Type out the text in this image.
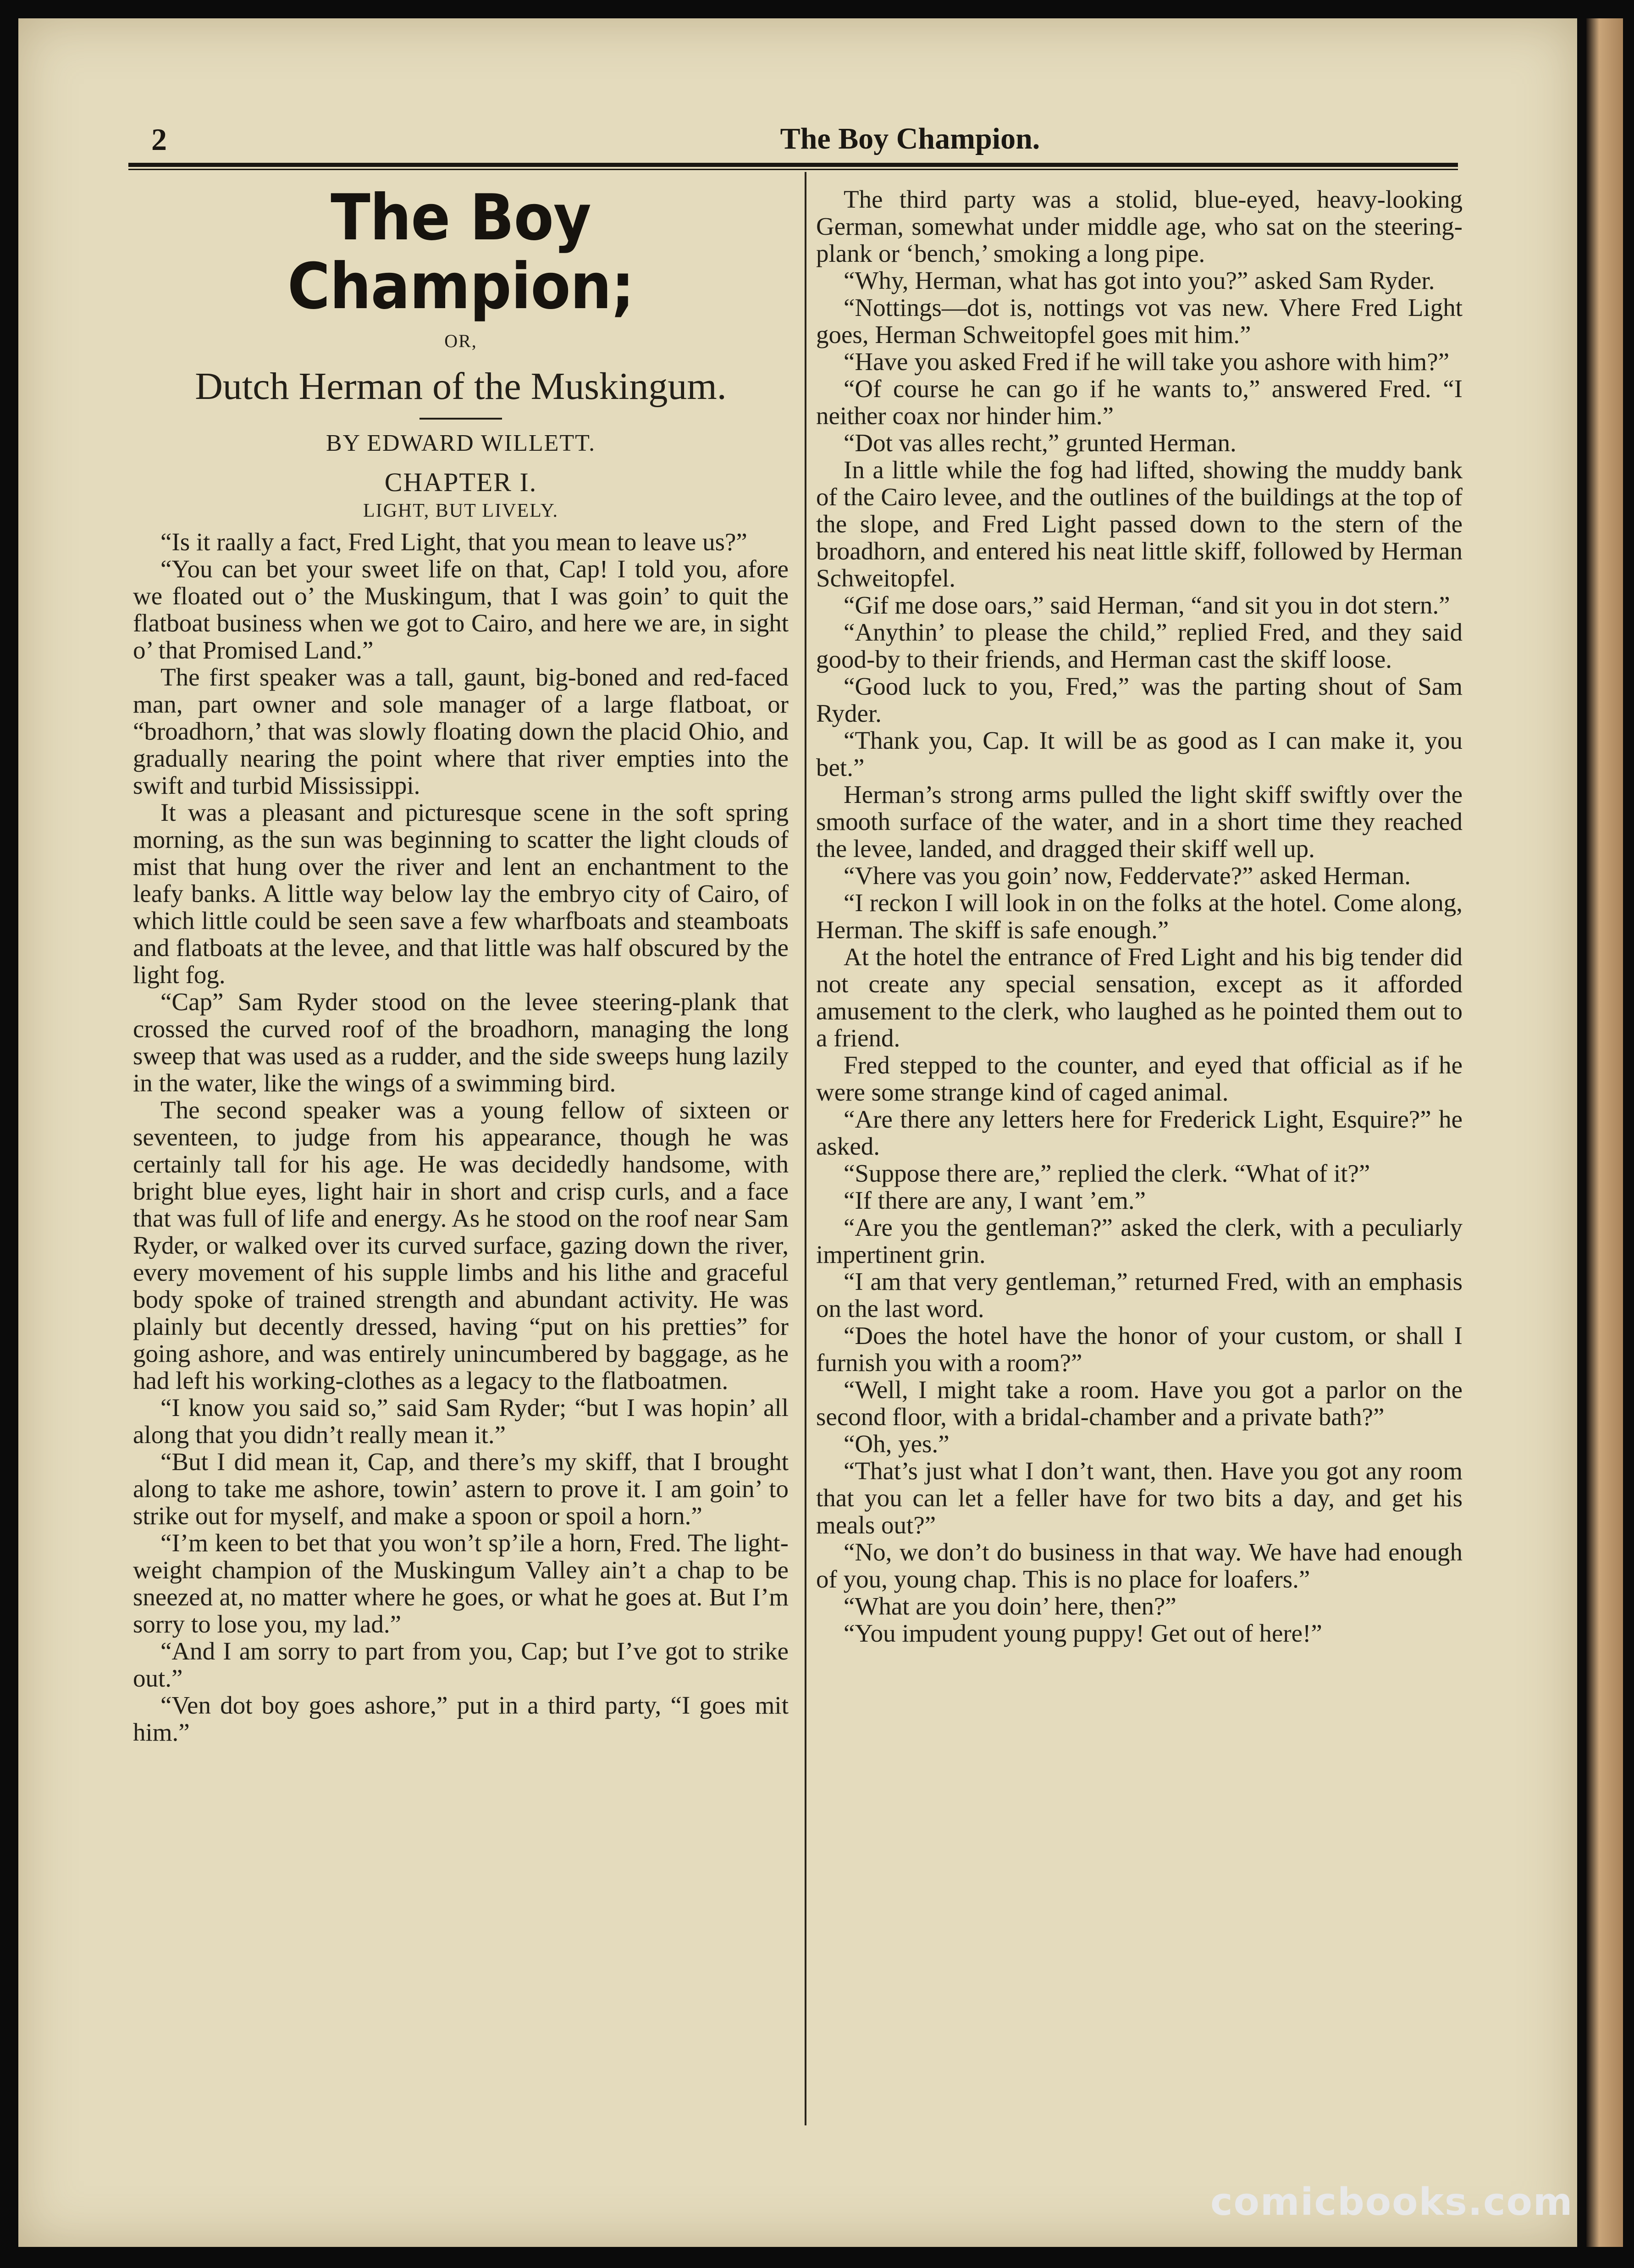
2	The Boy Champion.
The Boy Champion;
OR,
Dutch Herman of the Muskingum.
BY EDWARD WILLETT.
CHAPTER I.
LIGHT, BUT LIVELY.

“Is it raally a fact, Fred Light, that you mean to leave us?”

“You can bet your sweet life on that, Cap! I told you, afore we floated out o’ the Muskingum, that I was goin’ to quit the flatboat business when we got to Cairo, and here we are, in sight o’ that Promised Land.”

The first speaker was a tall, gaunt, big-boned and red-faced man, part owner and sole manager of a large flatboat, or “broadhorn,’ that was slowly floating down the placid Ohio, and gradually nearing the point where that river empties into the swift and turbid Mississippi.

It was a pleasant and picturesque scene in the soft spring morning, as the sun was beginning to scatter the light clouds of mist that hung over the river and lent an enchantment to the leafy banks. A little way below lay the embryo city of Cairo, of which little could be seen save a few wharfboats and steamboats and flatboats at the levee, and that little was half obscured by the light fog.

“Cap” Sam Ryder stood on the levee steering-plank that crossed the curved roof of the broadhorn, managing the long sweep that was used as a rudder, and the side sweeps hung lazily in the water, like the wings of a swimming bird.

The second speaker was a young fellow of sixteen or seventeen, to judge from his appearance, though he was certainly tall for his age. He was decidedly handsome, with bright blue eyes, light hair in short and crisp curls, and a face that was full of life and energy. As he stood on the roof near Sam Ryder, or walked over its curved surface, gazing down the river, every movement of his supple limbs and his lithe and graceful body spoke of trained strength and abundant activity. He was plainly but decently dressed, having “put on his pretties” for going ashore, and was entirely unincumbered by baggage, as he had left his working-clothes as a legacy to the flatboatmen.

“I know you said so,” said Sam Ryder; “but I was hopin’ all along that you didn’t really mean it.”

“But I did mean it, Cap, and there’s my skiff, that I brought along to take me ashore, towin’ astern to prove it. I am goin’ to strike out for myself, and make a spoon or spoil a horn.”

“I’m keen to bet that you won’t sp’ile a horn, Fred. The light-weight champion of the Muskingum Valley ain’t a chap to be sneezed at, no matter where he goes, or what he goes at. But I’m sorry to lose you, my lad.”

“And I am sorry to part from you, Cap; but I’ve got to strike out.”

“Ven dot boy goes ashore,” put in a third party, “I goes mit him.”

The third party was a stolid, blue-eyed, heavy-looking German, somewhat under middle age, who sat on the steering-plank or ‘bench,’ smoking a long pipe.

“Why, Herman, what has got into you?” asked Sam Ryder.

“Nottings—dot is, nottings vot vas new. Vhere Fred Light goes, Herman Schweitopfel goes mit him.”

“Have you asked Fred if he will take you ashore with him?”

“Of course he can go if he wants to,” answered Fred. “I neither coax nor hinder him.”

“Dot vas alles recht,” grunted Herman.

In a little while the fog had lifted, showing the muddy bank of the Cairo levee, and the outlines of the buildings at the top of the slope, and Fred Light passed down to the stern of the broadhorn, and entered his neat little skiff, followed by Herman Schweitopfel.

“Gif me dose oars,” said Herman, “and sit you in dot stern.”

“Anythin’ to please the child,” replied Fred, and they said good-by to their friends, and Herman cast the skiff loose.

“Good luck to you, Fred,” was the parting shout of Sam Ryder.

“Thank you, Cap. It will be as good as I can make it, you bet.”

Herman’s strong arms pulled the light skiff swiftly over the smooth surface of the water, and in a short time they reached the levee, landed, and dragged their skiff well up.

“Vhere vas you goin’ now, Feddervate?” asked Herman.

“I reckon I will look in on the folks at the hotel. Come along, Herman. The skiff is safe enough.”

At the hotel the entrance of Fred Light and his big tender did not create any special sensation, except as it afforded amusement to the clerk, who laughed as he pointed them out to a friend.

Fred stepped to the counter, and eyed that official as if he were some strange kind of caged animal.

“Are there any letters here for Frederick Light, Esquire?” he asked.

“Suppose there are,” replied the clerk. “What of it?”

“If there are any, I want ’em.”

“Are you the gentleman?” asked the clerk, with a peculiarly impertinent grin.

“I am that very gentleman,” returned Fred, with an emphasis on the last word.

“Does the hotel have the honor of your custom, or shall I furnish you with a room?”

“Well, I might take a room. Have you got a parlor on the second floor, with a bridal-chamber and a private bath?”

“Oh, yes.”

“That’s just what I don’t want, then. Have you got any room that you can let a feller have for two bits a day, and get his meals out?”

“No, we don’t do business in that way. We have had enough of you, young chap. This is no place for loafers.”

“What are you doin’ here, then?”

“You impudent young puppy! Get out of here!”

comicbooks.com
